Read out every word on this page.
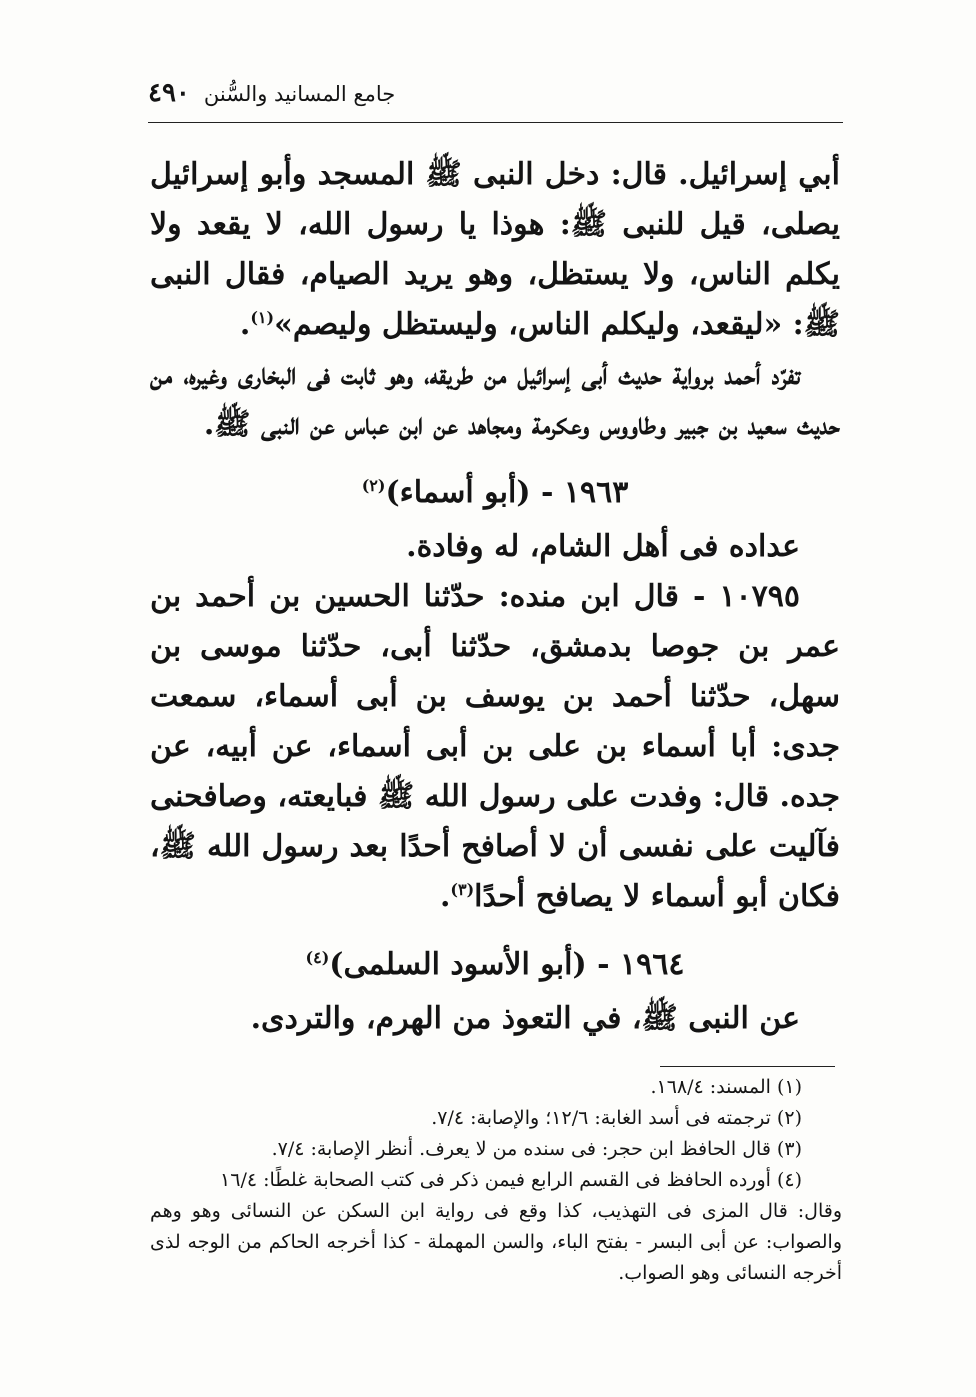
٤٩٠ جامع المسانيد والسُّنن

أبي إسرائيل. قال: دخل النبى ﷺ المسجد وأبو إسرائيل يصلى، قيل للنبى ﷺ: هوذا يا رسول الله، لا يقعد ولا يكلم الناس، ولا يستظل، وهو يريد الصيام، فقال النبى ﷺ: «ليقعد، وليكلم الناس، وليستظل وليصم»$^{(١)}$.

تفرّد أحمد برواية حديث أبى إسرائيل من طريقه، وهو ثابت فى البخارى وغيره، من حديث سعيد بن جبير وطاووس وعكرمة ومجاهد عن ابن عباس عن النبى ﷺ.

١٩٦٣ - (أبو أسماء)$^{(٢)}$

عداده فى أهل الشام، له وفادة.

١٠٧٩٥ - قال ابن منده: حدّثنا الحسين بن أحمد بن عمر بن جوصا بدمشق، حدّثنا أبى، حدّثنا موسى بن سهل، حدّثنا أحمد بن يوسف بن أبى أسماء، سمعت جدى: أبا أسماء بن على بن أبى أسماء، عن أبيه، عن جده. قال: وفدت على رسول الله ﷺ فبايعته، وصافحنى فآليت على نفسى أن لا أصافح أحدًا بعد رسول الله ﷺ، فكان أبو أسماء لا يصافح أحدًا$^{(٣)}$.

١٩٦٤ - (أبو الأسود السلمى)$^{(٤)}$

عن النبى ﷺ، في التعوذ من الهرم، والتردى.

(١) المسند: ١٦٨/٤.

(٢) ترجمته فى أسد الغابة: ١٢/٦؛ والإصابة: ٧/٤.

(٣) قال الحافظ ابن حجر: فى سنده من لا يعرف. أنظر الإصابة: ٧/٤.

(٤) أورده الحافظ فى القسم الرابع فيمن ذكر فى كتب الصحابة غلطًا: ١٦/٤

وقال: قال المزى فى التهذيب، كذا وقع فى رواية ابن السكن عن النسائى وهو وهم والصواب: عن أبى البسر - بفتح الباء، والسن المهملة - كذا أخرجه الحاكم من الوجه لذى أخرجه النسائى وهو الصواب.
